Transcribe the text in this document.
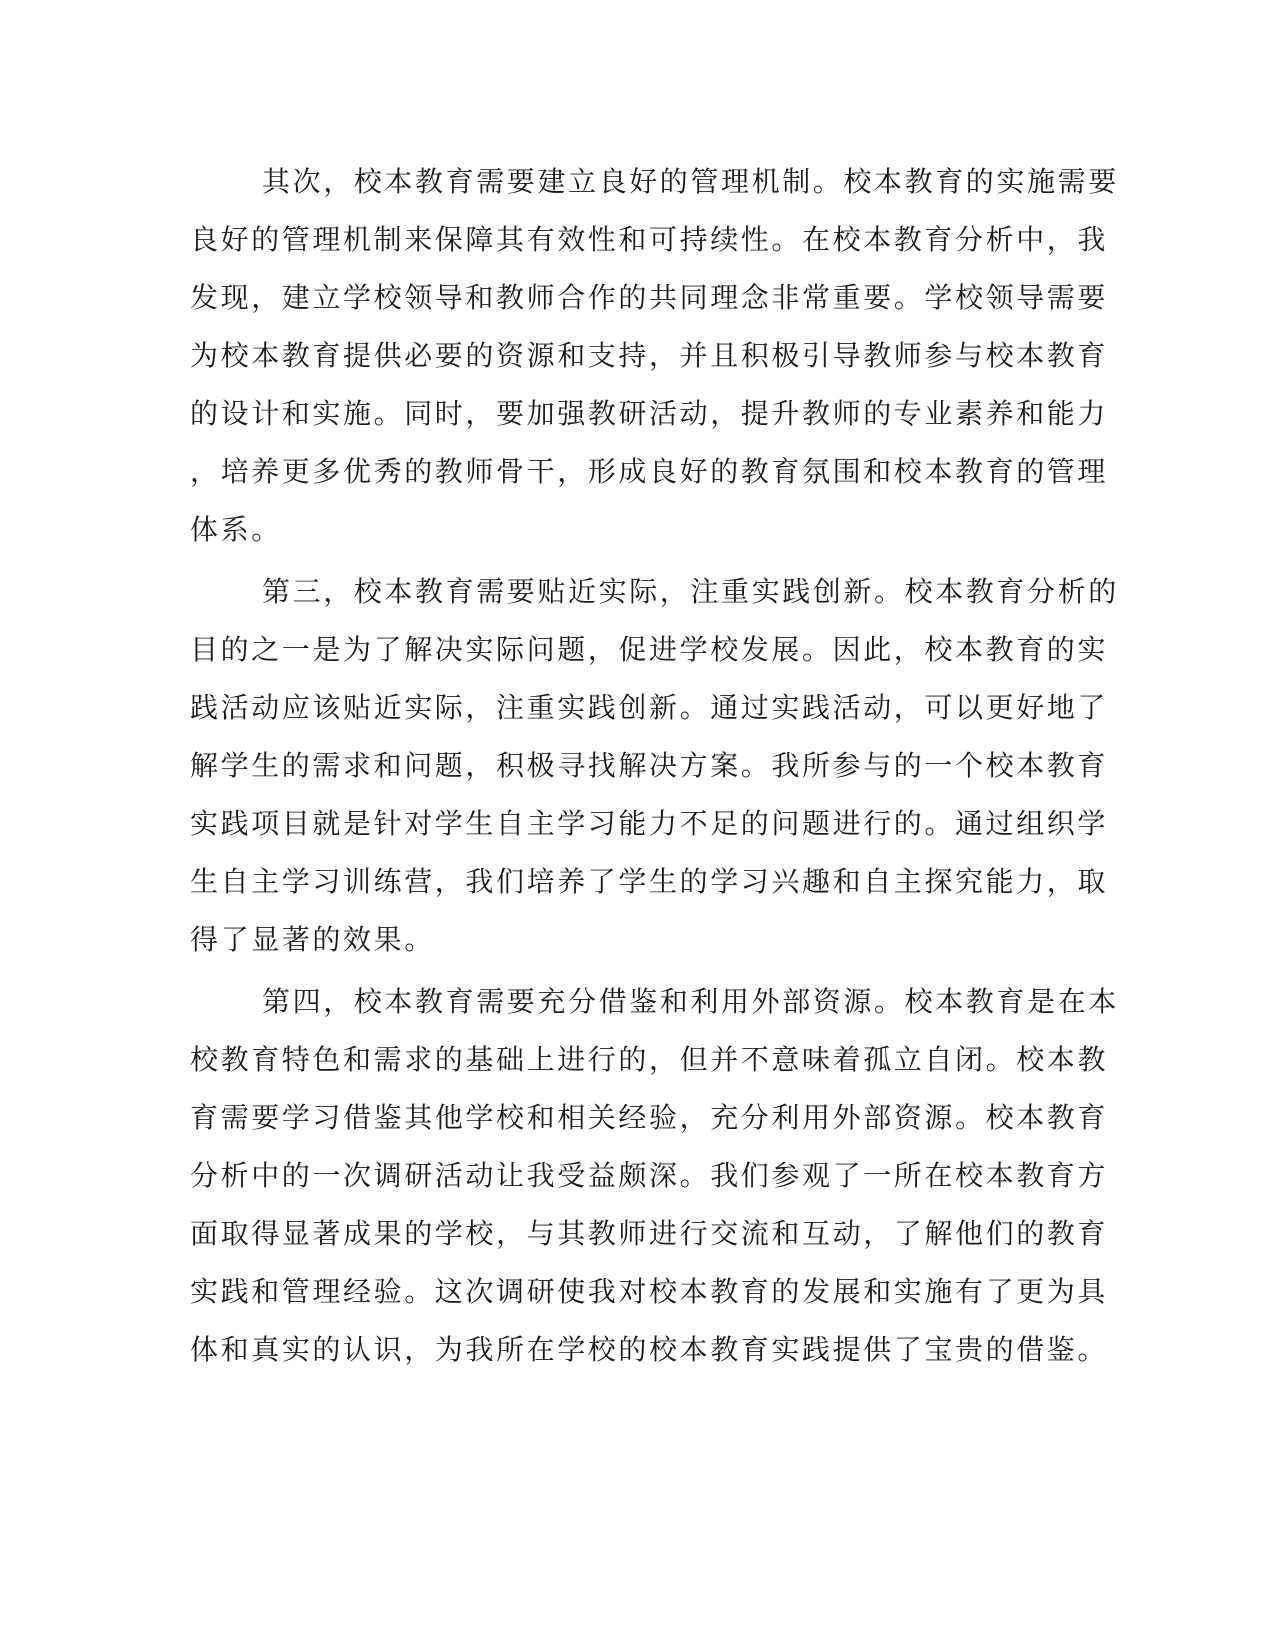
其次，校本教育需要建立良好的管理机制。校本教育的实施需要
良好的管理机制来保障其有效性和可持续性。在校本教育分析中，我
发现，建立学校领导和教师合作的共同理念非常重要。学校领导需要
为校本教育提供必要的资源和支持，并且积极引导教师参与校本教育
的设计和实施。同时，要加强教研活动，提升教师的专业素养和能力
，培养更多优秀的教师骨干，形成良好的教育氛围和校本教育的管理
体系。
第三，校本教育需要贴近实际，注重实践创新。校本教育分析的
目的之一是为了解决实际问题，促进学校发展。因此，校本教育的实
践活动应该贴近实际，注重实践创新。通过实践活动，可以更好地了
解学生的需求和问题，积极寻找解决方案。我所参与的一个校本教育
实践项目就是针对学生自主学习能力不足的问题进行的。通过组织学
生自主学习训练营，我们培养了学生的学习兴趣和自主探究能力，取
得了显著的效果。
第四，校本教育需要充分借鉴和利用外部资源。校本教育是在本
校教育特色和需求的基础上进行的，但并不意味着孤立自闭。校本教
育需要学习借鉴其他学校和相关经验，充分利用外部资源。校本教育
分析中的一次调研活动让我受益颇深。我们参观了一所在校本教育方
面取得显著成果的学校，与其教师进行交流和互动，了解他们的教育
实践和管理经验。这次调研使我对校本教育的发展和实施有了更为具
体和真实的认识，为我所在学校的校本教育实践提供了宝贵的借鉴。
